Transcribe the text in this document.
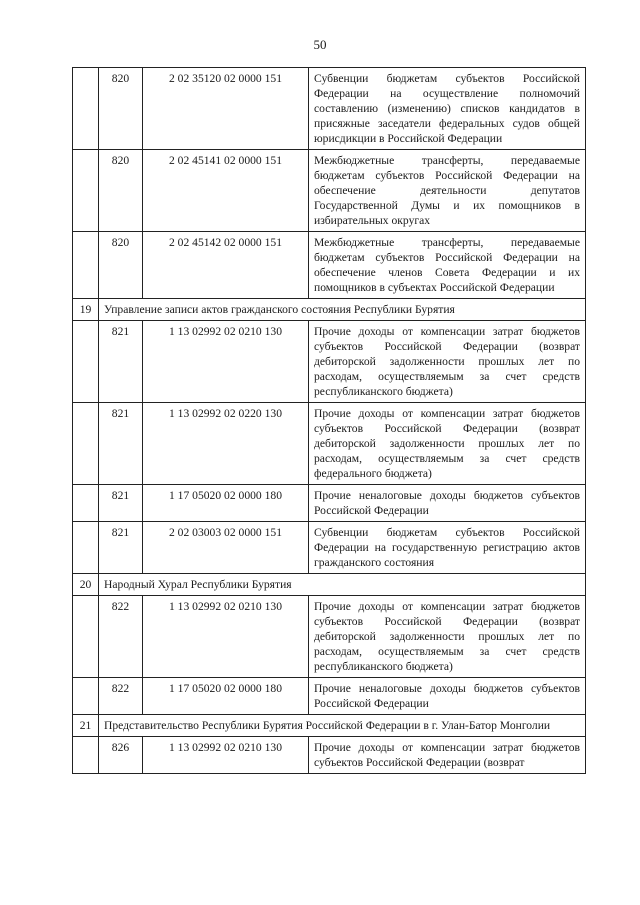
50
	820	2 02 35120 02 0000 151	Субвенции бюджетам субъектов Российской Федерации на осуществление полномочий составлению (изменению) списков кандидатов в присяжные заседатели федеральных судов общей юрисдикции в Российской Федерации
	820	2 02 45141 02 0000 151	Межбюджетные трансферты, передаваемые бюджетам субъектов Российской Федерации на обеспечение деятельности депутатов Государственной Думы и их помощников в избирательных округах
	820	2 02 45142 02 0000 151	Межбюджетные трансферты, передаваемые бюджетам субъектов Российской Федерации на обеспечение членов Совета Федерации и их помощников в субъектах Российской Федерации
19	Управление записи актов гражданского состояния Республики Бурятия		
	821	1 13 02992 02 0210 130	Прочие доходы от компенсации затрат бюджетов субъектов Российской Федерации (возврат дебиторской задолженности прошлых лет по расходам, осуществляемым за счет средств республиканского бюджета)
	821	1 13 02992 02 0220 130	Прочие доходы от компенсации затрат бюджетов субъектов Российской Федерации (возврат дебиторской задолженности прошлых лет по расходам, осуществляемым за счет средств федерального бюджета)
	821	1 17 05020 02 0000 180	Прочие неналоговые доходы бюджетов субъектов Российской Федерации
	821	2 02 03003 02 0000 151	Субвенции бюджетам субъектов Российской Федерации на государственную регистрацию актов гражданского состояния
20	Народный Хурал Республики Бурятия		
	822	1 13 02992 02 0210 130	Прочие доходы от компенсации затрат бюджетов субъектов Российской Федерации (возврат дебиторской задолженности прошлых лет по расходам, осуществляемым за счет средств республиканского бюджета)
	822	1 17 05020 02 0000 180	Прочие неналоговые доходы бюджетов субъектов Российской Федерации
21	Представительство Республики Бурятия Российской Федерации в г. Улан-Батор Монголии		
	826	1 13 02992 02 0210 130	Прочие доходы от компенсации затрат бюджетов субъектов Российской Федерации (возврат
